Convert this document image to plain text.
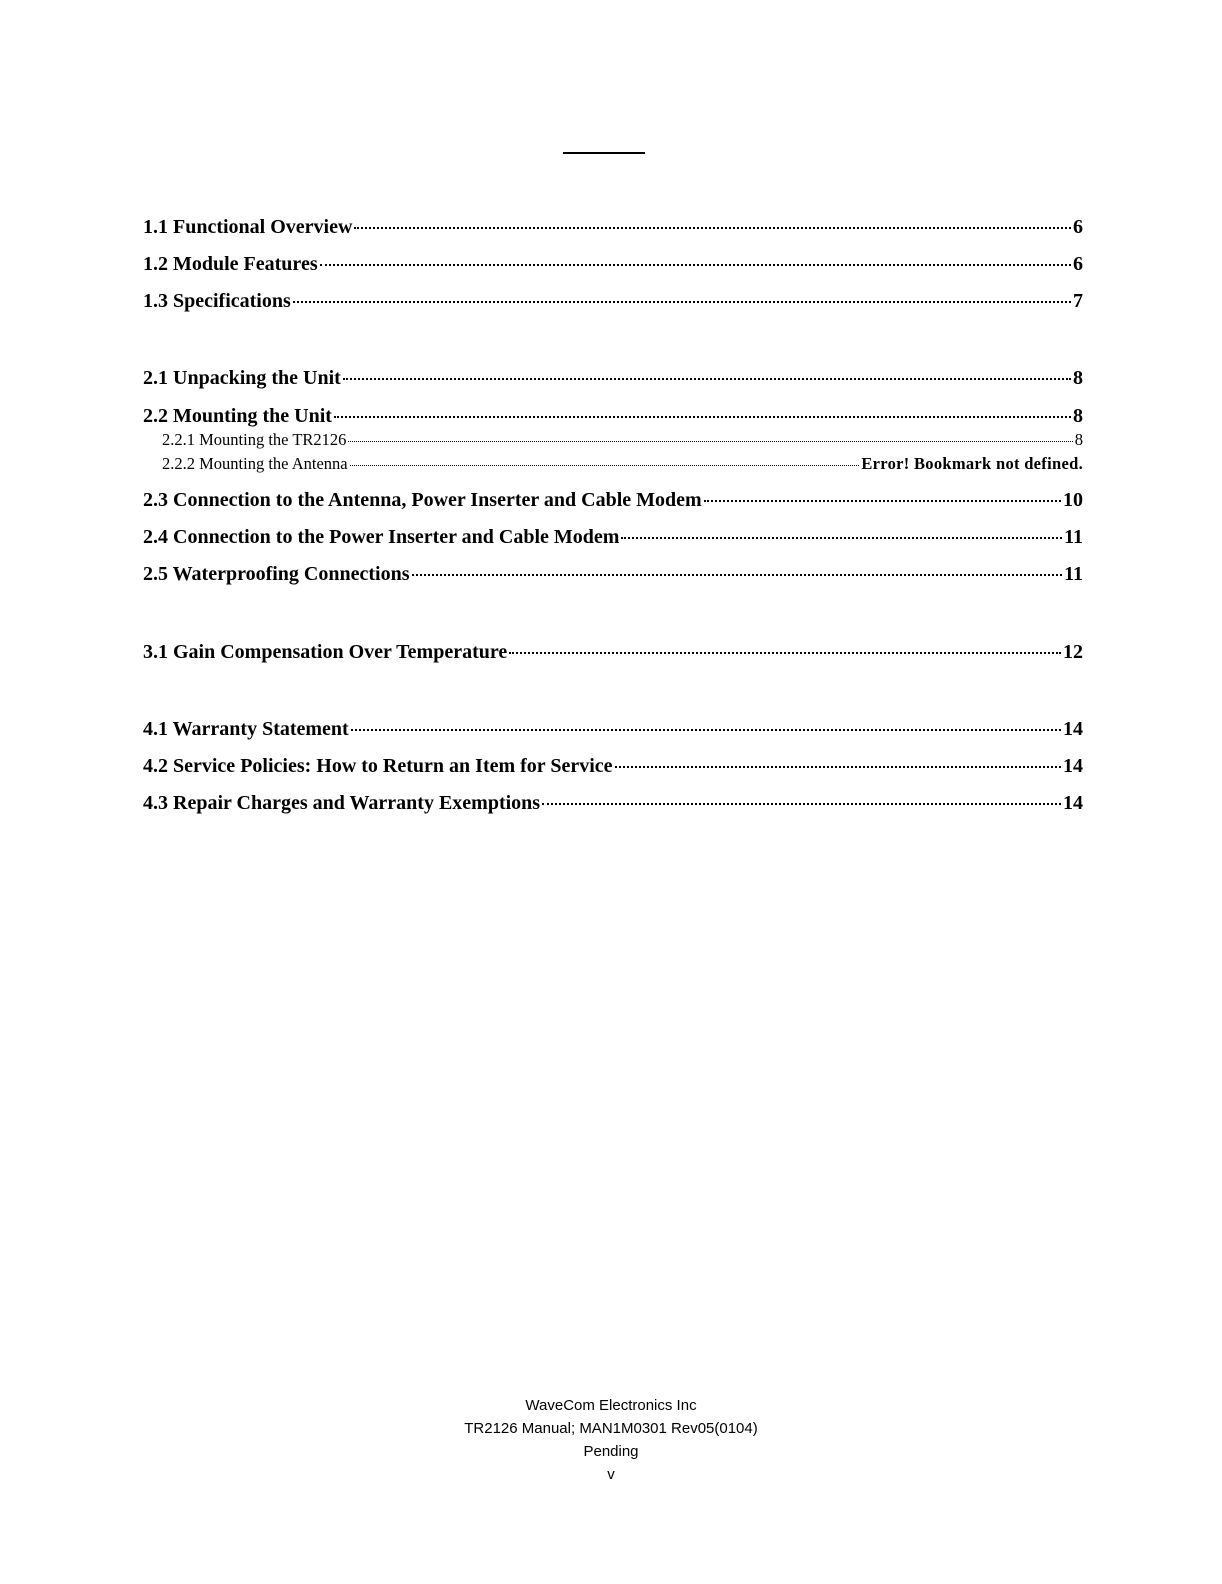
1.1 Functional Overview	6
1.2 Module Features	6
1.3 Specifications	7
2.1 Unpacking the Unit	8
2.2 Mounting the Unit	8
2.2.1 Mounting the TR2126	8
2.2.2 Mounting the Antenna	Error! Bookmark not defined.
2.3 Connection to the Antenna, Power Inserter and Cable Modem	10
2.4 Connection to the Power Inserter and Cable Modem	11
2.5 Waterproofing Connections	11
3.1 Gain Compensation Over Temperature	12
4.1 Warranty Statement	14
4.2 Service Policies: How to Return an Item for Service	14
4.3 Repair Charges and Warranty Exemptions	14
WaveCom Electronics Inc
TR2126 Manual; MAN1M0301 Rev05(0104)
Pending
v
